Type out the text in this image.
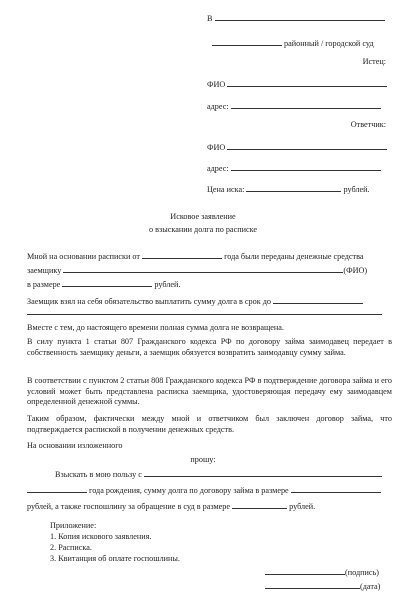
В
районный / городской суд
Истец:
ФИО
адрес:
Ответчик:
ФИО
адрес:
Цена иска:	рублей.
Исковое заявление
о взыскании долга по расписке
Мной на основании расписки от	года были переданы денежные средства
заемщику	(ФИО)
в размере	рублей.
Заемщик взял на себя обязательство выплатить сумму долга в срок до
Вместе с тем, до настоящего времени полная сумма долга не возвращена.
В силу пункта 1 статьи 807 Гражданского кодекса РФ по договору займа заимодавец передает в собственность заемщику деньги, а заемщик обязуется возвратить заимодавцу сумму займа.
В соответствии с пунктом 2 статьи 808 Гражданского кодекса РФ в подтверждение договора займа и его условий может быть представлена расписка заемщика, удостоверяющая передачу ему заимодавцем определенной денежной суммы.
Таким образом, фактически между мной и ответчиком был заключен договор займа, что подтверждается распиской в получении денежных средств.
На основании изложенного
прошу:
Взыскать в мою пользу с
года рождения, сумму долга по договору займа в размере
рублей, а также госпошлину за обращение в суд в размере	рублей.
Приложение:
1. Копия искового заявления.
2. Расписка.
3. Квитанция об оплате госпошлины.
(подпись)
(дата)
